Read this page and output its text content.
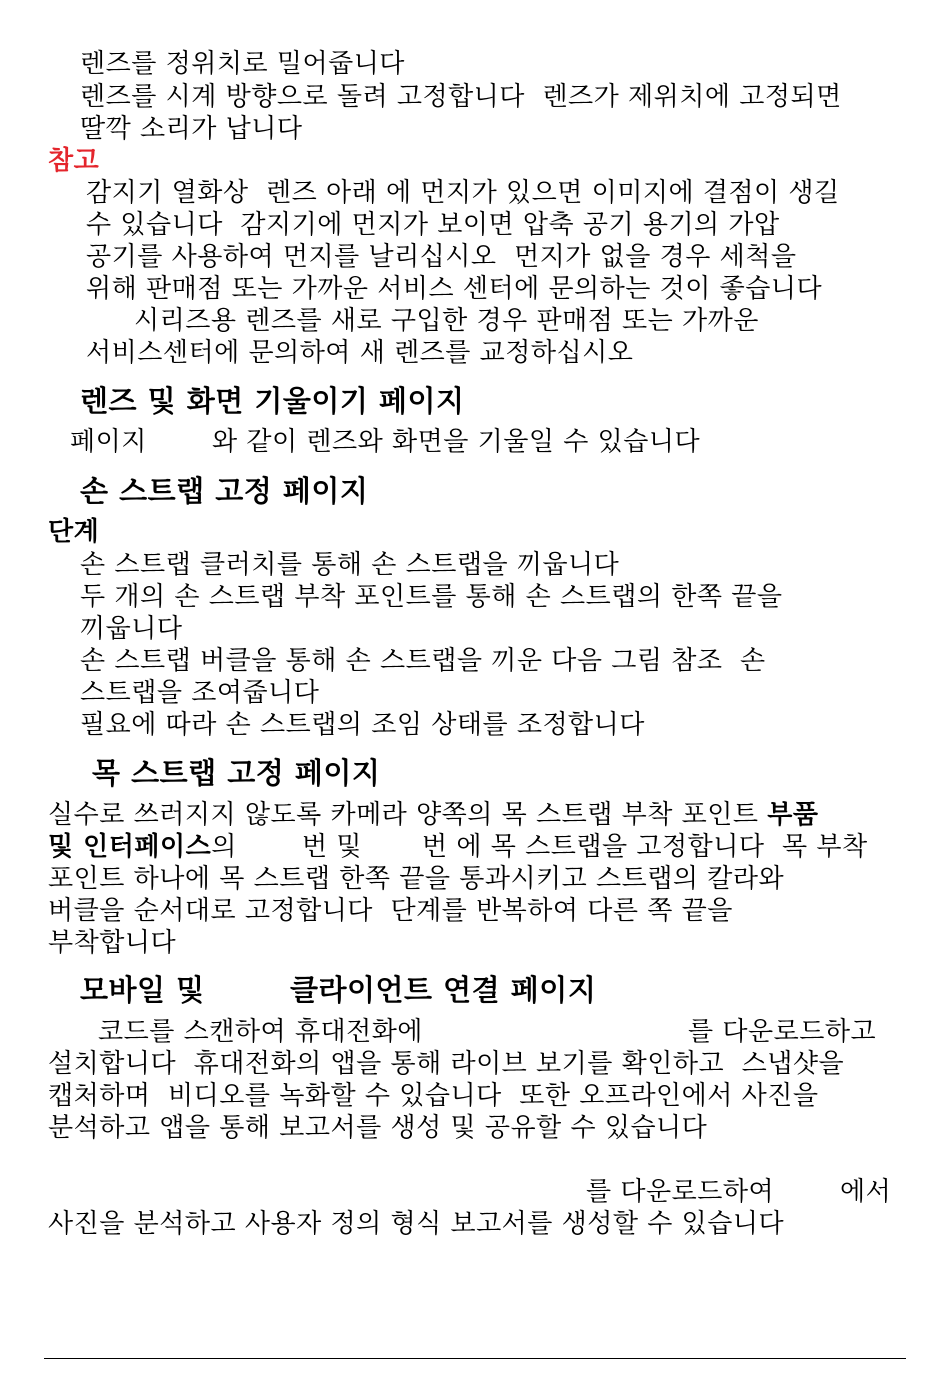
렌즈를 정위치로 밀어줍니다
렌즈를 시계 방향으로 돌려 고정합니다  렌즈가 제위치에 고정되면
딸깍 소리가 납니다
참고
감지기 열화상  렌즈 아래 에 먼지가 있으면 이미지에 결점이 생길
수 있습니다  감지기에 먼지가 보이면 압축 공기 용기의 가압
공기를 사용하여 먼지를 날리십시오  먼지가 없을 경우 세척을
위해 판매점 또는 가까운 서비스 센터에 문의하는 것이 좋습니다
시리즈용 렌즈를 새로 구입한 경우 판매점 또는 가까운
서비스센터에 문의하여 새 렌즈를 교정하십시오
렌즈 및 화면 기울이기 페이지
페이지	와 같이 렌즈와 화면을 기울일 수 있습니다
손 스트랩 고정 페이지
단계
손 스트랩 클러치를 통해 손 스트랩을 끼웁니다
두 개의 손 스트랩 부착 포인트를 통해 손 스트랩의 한쪽 끝을
끼웁니다
손 스트랩 버클을 통해 손 스트랩을 끼운 다음 그림 참조  손
스트랩을 조여줍니다
필요에 따라 손 스트랩의 조임 상태를 조정합니다
목 스트랩 고정 페이지
실수로 쓰러지지 않도록 카메라 양쪽의 목 스트랩 부착 포인트 부품
및 인터페이스의	번 및 번 에 목 스트랩을 고정합니다  목 부착
포인트 하나에 목 스트랩 한쪽 끝을 통과시키고 스트랩의 칼라와
버클을 순서대로 고정합니다  단계를 반복하여 다른 쪽 끝을
부착합니다
모바일 및	클라이언트 연결 페이지
코드를 스캔하여 휴대전화에	를 다운로드하고
설치합니다  휴대전화의 앱을 통해 라이브 보기를 확인하고  스냅샷을
캡처하며  비디오를 녹화할 수 있습니다  또한 오프라인에서 사진을
분석하고 앱을 통해 보고서를 생성 및 공유할 수 있습니다
를 다운로드하여	에서
사진을 분석하고 사용자 정의 형식 보고서를 생성할 수 있습니다
